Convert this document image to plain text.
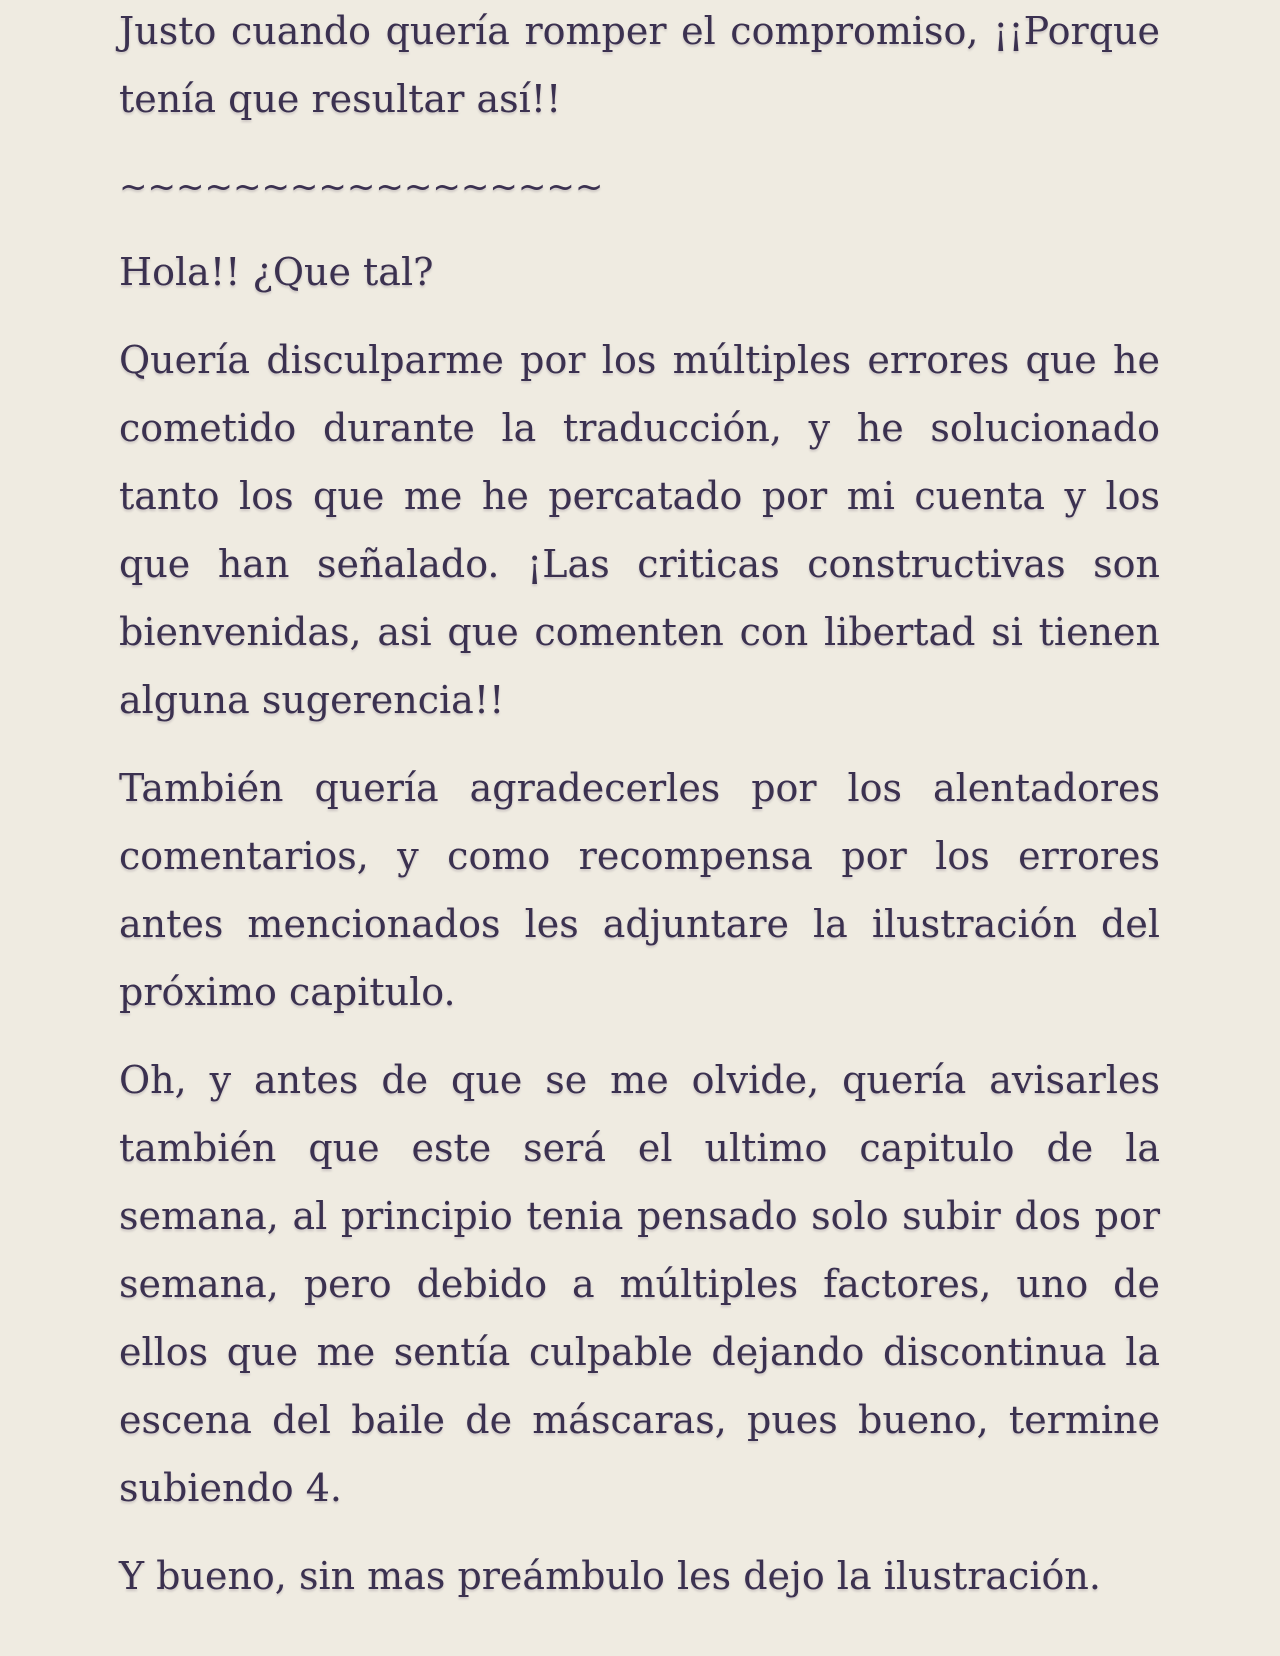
Justo cuando quería romper el compromiso, ¡¡Porque tenía que resultar así!!

~~~~~~~~~~~~~~~~~

Hola!! ¿Que tal?

Quería disculparme por los múltiples errores que he cometido durante la traducción, y he solucionado tanto los que me he percatado por mi cuenta y los que han señalado. ¡Las criticas constructivas son bienvenidas, asi que comenten con libertad si tienen alguna sugerencia!!

También quería agradecerles por los alentadores comentarios, y como recompensa por los errores antes mencionados les adjuntare la ilustración del próximo capitulo.

Oh, y antes de que se me olvide, quería avisarles también que este será el ultimo capitulo de la semana, al principio tenia pensado solo subir dos por semana, pero debido a múltiples factores, uno de ellos que me sentía culpable dejando discontinua la escena del baile de máscaras, pues bueno, termine subiendo 4.

Y bueno, sin mas preámbulo les dejo la ilustración.
